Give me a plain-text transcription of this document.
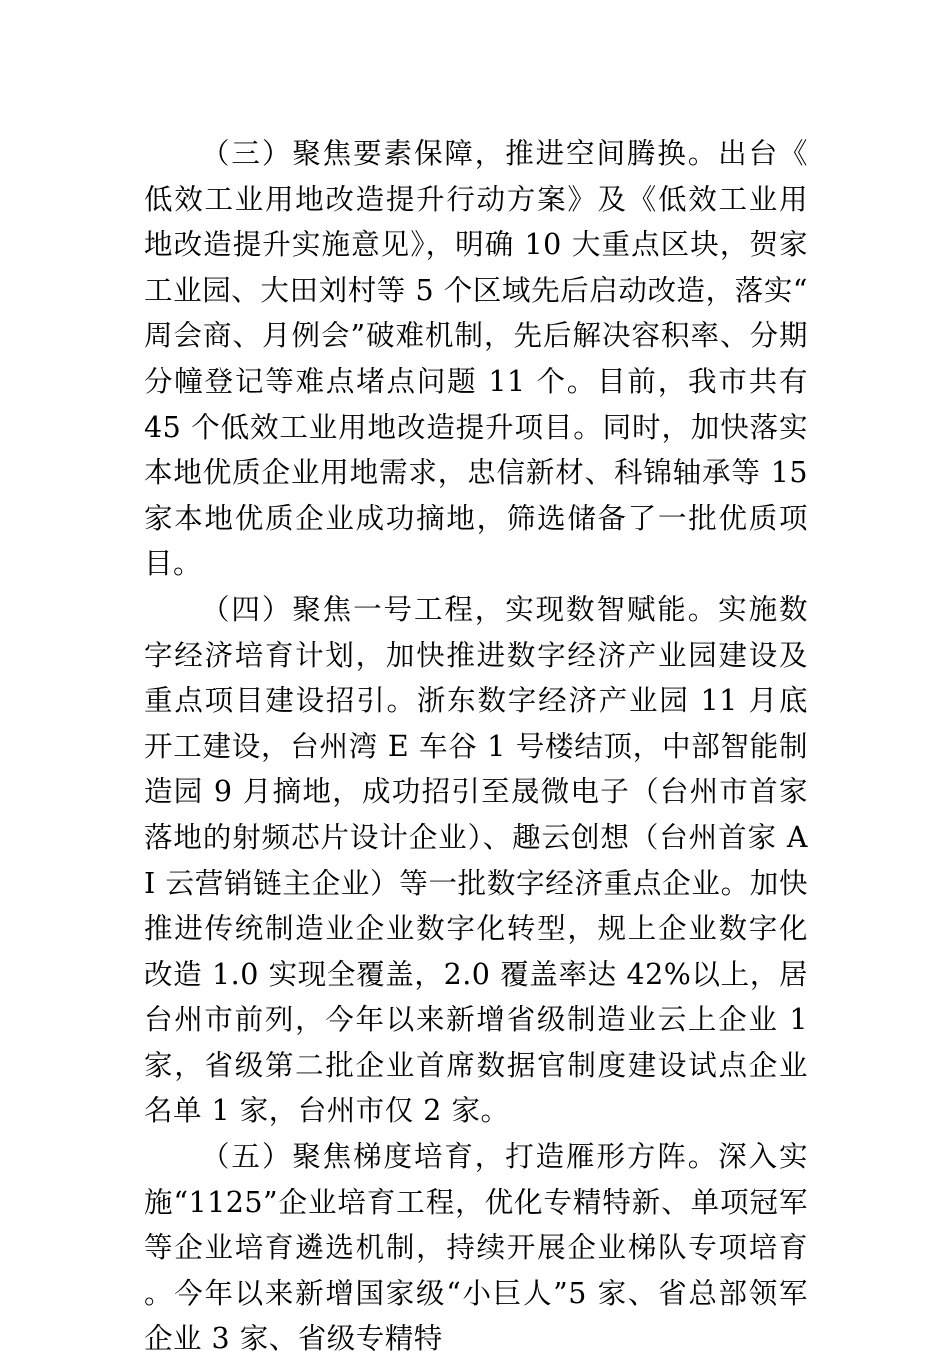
（三）聚焦要素保障，推进空间腾换。出台《低效工业用地改造提升行动方案》及《低效工业用地改造提升实施意见》，明确 10 大重点区块，贺家工业园、大田刘村等 5 个区域先后启动改造，落实“周会商、月例会”破难机制，先后解决容积率、分期分幢登记等难点堵点问题 11 个。目前，我市共有 45 个低效工业用地改造提升项目。同时，加快落实本地优质企业用地需求，忠信新材、科锦轴承等 15 家本地优质企业成功摘地，筛选储备了一批优质项目。

（四）聚焦一号工程，实现数智赋能。实施数字经济培育计划，加快推进数字经济产业园建设及重点项目建设招引。浙东数字经济产业园 11 月底开工建设，台州湾 E 车谷 1 号楼结顶，中部智能制造园 9 月摘地，成功招引至晟微电子（台州市首家落地的射频芯片设计企业）、趣云创想（台州首家 AI 云营销链主企业）等一批数字经济重点企业。加快推进传统制造业企业数字化转型，规上企业数字化改造 1.0 实现全覆盖，2.0 覆盖率达 42%以上，居台州市前列，今年以来新增省级制造业云上企业 1 家，省级第二批企业首席数据官制度建设试点企业名单 1 家，台州市仅 2 家。

（五）聚焦梯度培育，打造雁形方阵。深入实施“1125”企业培育工程，优化专精特新、单项冠军等企业培育遴选机制，持续开展企业梯队专项培育。今年以来新增国家级“小巨人”5 家、省总部领军企业 3 家、省级专精特
